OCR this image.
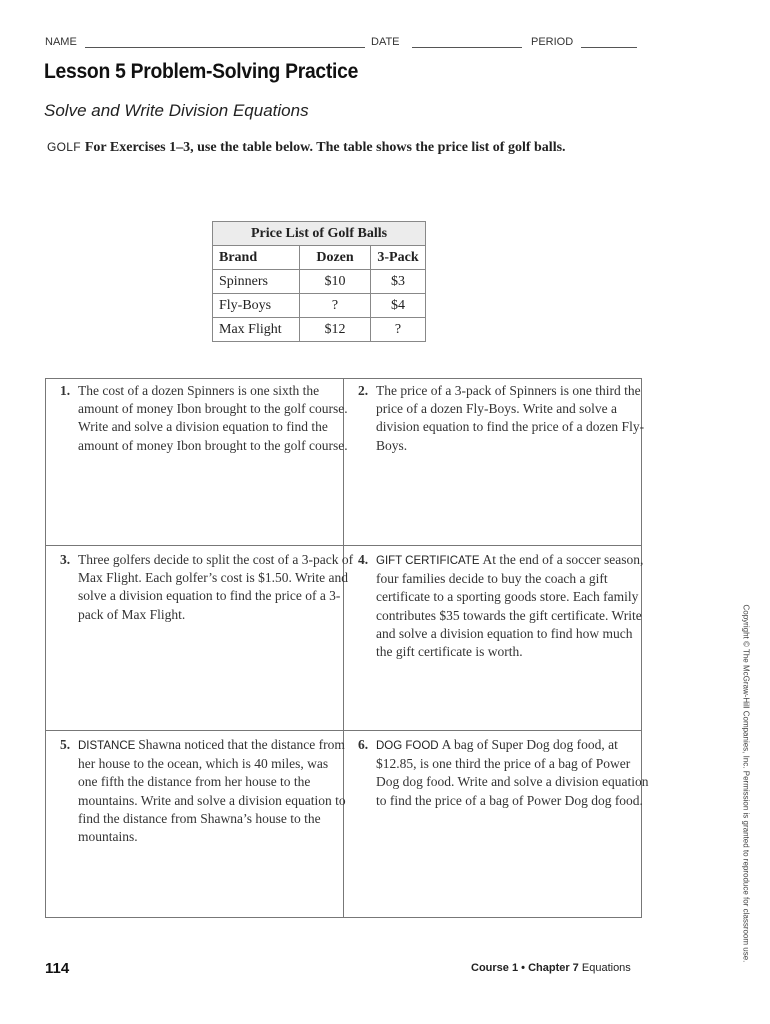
NAME	DATE	PERIOD
Lesson 5 Problem-Solving Practice
Solve and Write Division Equations
GOLF For Exercises 1–3, use the table below. The table shows the price list of golf balls.
Price List of Golf Balls		
Brand	Dozen	3-Pack
Spinners	$10	$3
Fly-Boys	?	$4
Max Flight	$12	?
1. The cost of a dozen Spinners is one sixth the amount of money Ibon brought to the golf course. Write and solve a division equation to find the amount of money Ibon brought to the golf course.
2. The price of a 3-pack of Spinners is one third the price of a dozen Fly-Boys. Write and solve a division equation to find the price of a dozen Fly-Boys.
3. Three golfers decide to split the cost of a 3-pack of Max Flight. Each golfer’s cost is $1.50. Write and solve a division equation to find the price of a 3-pack of Max Flight.
4. GIFT CERTIFICATE At the end of a soccer season, four families decide to buy the coach a gift certificate to a sporting goods store. Each family contributes $35 towards the gift certificate. Write and solve a division equation to find how much the gift certificate is worth.
5. DISTANCE Shawna noticed that the distance from her house to the ocean, which is 40 miles, was one fifth the distance from her house to the mountains. Write and solve a division equation to find the distance from Shawna’s house to the mountains.
6. DOG FOOD A bag of Super Dog dog food, at $12.85, is one third the price of a bag of Power Dog dog food. Write and solve a division equation to find the price of a bag of Power Dog dog food.	Copyright © The McGraw-Hill Companies, Inc. Permission is granted to reproduce for classroom use.
114	Course 1 • Chapter 7 Equations
